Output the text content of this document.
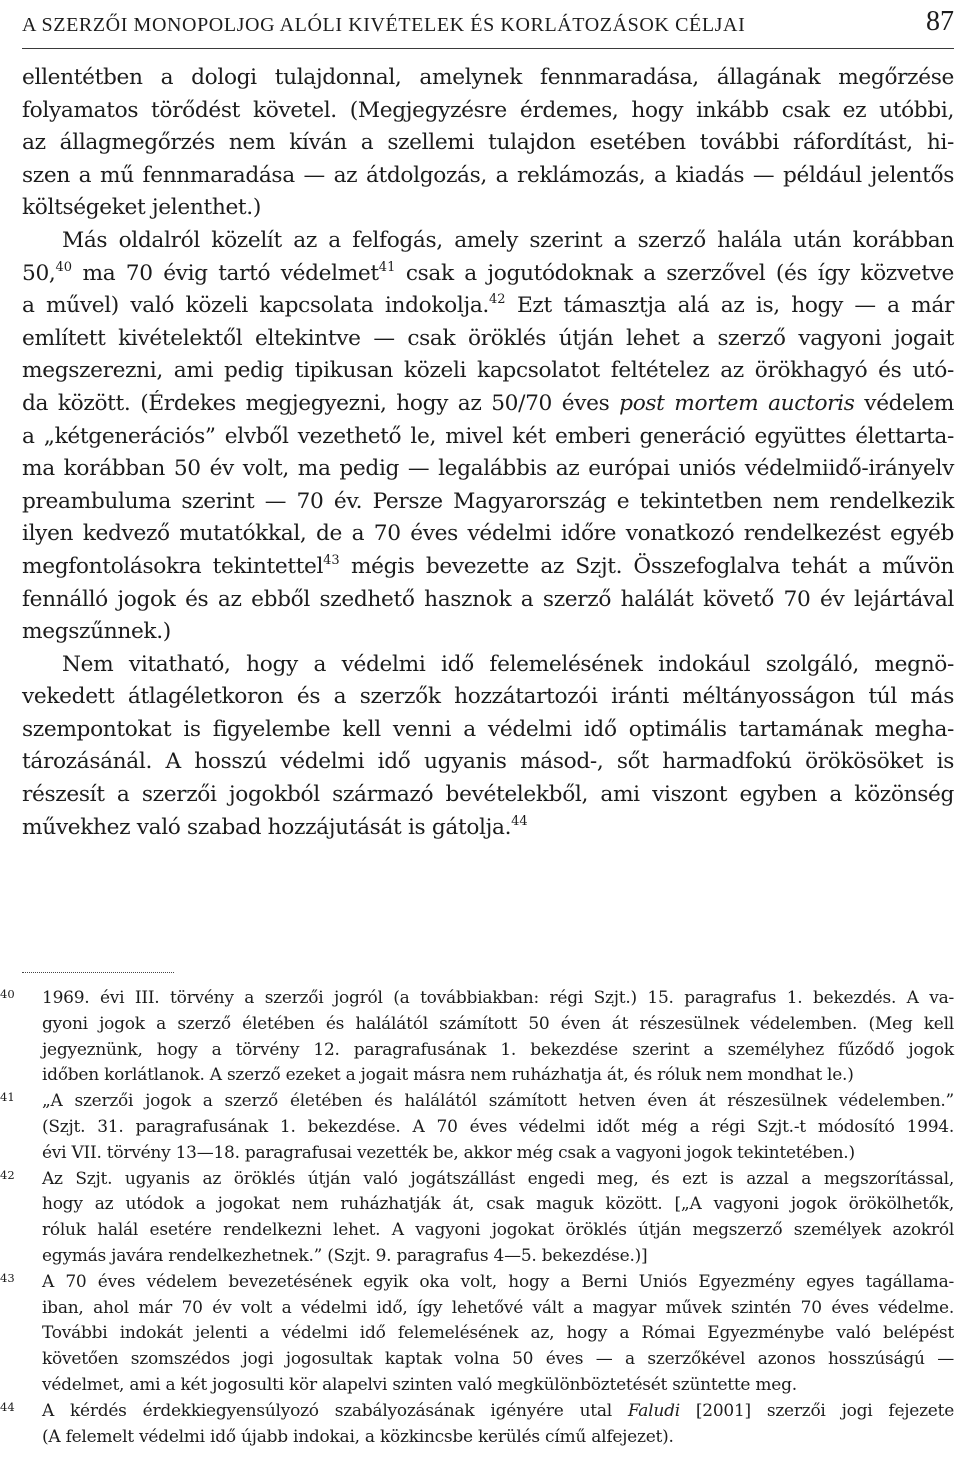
A SZERZŐI MONOPOLJOG ALÓLI KIVÉTELEK ÉS KORLÁTOZÁSOK CÉLJAI	87

ellentétben a dologi tulajdonnal, amelynek fennmaradása, állagának megőrzése
folyamatos törődést követel. (Megjegyzésre érdemes, hogy inkább csak ez utóbbi,
az állagmegőrzés nem kíván a szellemi tulajdon esetében további ráfordítást, hi-
szen a mű fennmaradása — az átdolgozás, a reklámozás, a kiadás — például jelentős
költségeket jelenthet.)

Más oldalról közelít az a felfogás, amely szerint a szerző halála után korábban
50,40 ma 70 évig tartó védelmet$^{41}$ csak a jogutódoknak a szerzővel (és így közvetve
a művel) való közeli kapcsolata indokolja.$^{42}$ Ezt támasztja alá az is, hogy — a már
említett kivételektől eltekintve — csak öröklés útján lehet a szerző vagyoni jogait
megszerezni, ami pedig tipikusan közeli kapcsolatot feltételez az örökhagyó és utó-
da között. (Érdekes megjegyezni, hogy az 50/70 éves post mortem auctoris védelem
a „kétgenerációs” elvből vezethető le, mivel két emberi generáció együttes élettarta-
ma korábban 50 év volt, ma pedig — legalábbis az európai uniós védelmiidő-irányelv
preambuluma szerint — 70 év. Persze Magyarország e tekintetben nem rendelkezik
ilyen kedvező mutatókkal, de a 70 éves védelmi időre vonatkozó rendelkezést egyéb
megfontolásokra tekintettel$^{43}$ mégis bevezette az Szjt. Összefoglalva tehát a művön
fennálló jogok és az ebből szedhető hasznok a szerző halálát követő 70 év lejártával
megszűnnek.)

Nem vitatható, hogy a védelmi idő felemelésének indokául szolgáló, megnö-
vekedett átlagéletkoron és a szerzők hozzátartozói iránti méltányosságon túl más
szempontokat is figyelembe kell venni a védelmi idő optimális tartamának megha-
tározásánál. A hosszú védelmi idő ugyanis másod-, sőt harmadfokú örökösöket is
részesít a szerzői jogokból származó bevételekből, ami viszont egyben a közönség
művekhez való szabad hozzájutását is gátolja.$^{44}$

40	1969. évi III. törvény a szerzői jogról (a továbbiakban: régi Szjt.) 15. paragrafus 1. bekezdés. A va-
gyoni jogok a szerző életében és halálától számított 50 éven át részesülnek védelemben. (Meg kell
jegyeznünk, hogy a törvény 12. paragrafusának 1. bekezdése szerint a személyhez fűződő jogok
időben korlátlanok. A szerző ezeket a jogait másra nem ruházhatja át, és róluk nem mondhat le.)
41	„A szerzői jogok a szerző életében és halálától számított hetven éven át részesülnek védelemben.”
(Szjt. 31. paragrafusának 1. bekezdése. A 70 éves védelmi időt még a régi Szjt.-t módosító 1994.
évi VII. törvény 13—18. paragrafusai vezették be, akkor még csak a vagyoni jogok tekintetében.)
42	Az Szjt. ugyanis az öröklés útján való jogátszállást engedi meg, és ezt is azzal a megszorítással,
hogy az utódok a jogokat nem ruházhatják át, csak maguk között. [„A vagyoni jogok örökölhetők,
róluk halál esetére rendelkezni lehet. A vagyoni jogokat öröklés útján megszerző személyek azokról
egymás javára rendelkezhetnek.” (Szjt. 9. paragrafus 4—5. bekezdése.)]
43	A 70 éves védelem bevezetésének egyik oka volt, hogy a Berni Uniós Egyezmény egyes tagállama-
iban, ahol már 70 év volt a védelmi idő, így lehetővé vált a magyar művek szintén 70 éves védelme.
További indokát jelenti a védelmi idő felemelésének az, hogy a Római Egyezménybe való belépést
követően szomszédos jogi jogosultak kaptak volna 50 éves — a szerzőkével azonos hosszúságú —
védelmet, ami a két jogosulti kör alapelvi szinten való megkülönböztetését szüntette meg.
44	A kérdés érdekkiegyensúlyozó szabályozásának igényére utal Faludi [2001] szerzői jogi fejezete
(A felemelt védelmi idő újabb indokai, a közkincsbe kerülés című alfejezet).
